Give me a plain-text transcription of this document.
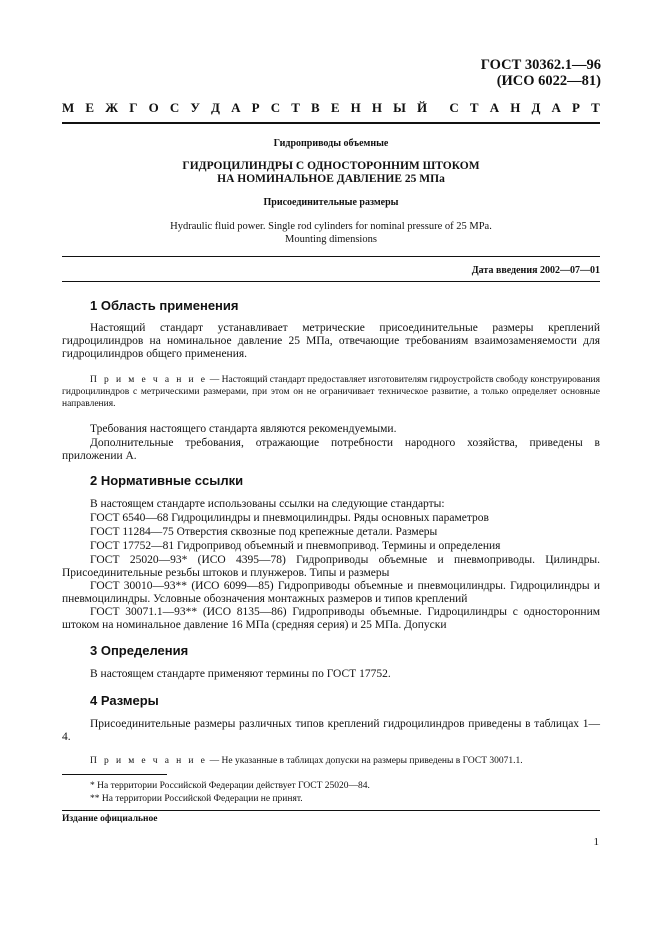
ГОСТ 30362.1—96
(ИСО 6022—81)
М Е Ж Г О С У Д А Р С Т В Е Н Н Ы Й С Т А Н Д А Р Т
Гидроприводы объемные
ГИДРОЦИЛИНДРЫ С ОДНОСТОРОННИМ ШТОКОМ
НА НОМИНАЛЬНОЕ ДАВЛЕНИЕ 25 МПа
Присоединительные размеры
Hydraulic fluid power. Single rod cylinders for nominal pressure of 25 MPa.
Mounting dimensions
Дата введения 2002—07—01
1 Область применения

Настоящий стандарт устанавливает метрические присоединительные размеры креплений гидроцилиндров на номинальное давление 25 МПа, отвечающие требованиям взаимозаменяемости для гидроцилиндров общего применения.

П р и м е ч а н и е — Настоящий стандарт предоставляет изготовителям гидроустройств свободу конструирования гидроцилиндров с метрическими размерами, при этом он не ограничивает техническое развитие, а только определяет основные направления.

Требования настоящего стандарта являются рекомендуемыми.

Дополнительные требования, отражающие потребности народного хозяйства, приведены в приложении А.

2 Нормативные ссылки

В настоящем стандарте использованы ссылки на следующие стандарты:

ГОСТ 6540—68 Гидроцилиндры и пневмоцилиндры. Ряды основных параметров

ГОСТ 11284—75 Отверстия сквозные под крепежные детали. Размеры

ГОСТ 17752—81 Гидропривод объемный и пневмопривод. Термины и определения

ГОСТ 25020—93* (ИСО 4395—78) Гидроприводы объемные и пневмоприводы. Цилиндры. Присоединительные резьбы штоков и плунжеров. Типы и размеры

ГОСТ 30010—93** (ИСО 6099—85) Гидроприводы объемные и пневмоцилиндры. Гидроцилиндры и пневмоцилиндры. Условные обозначения монтажных размеров и типов креплений

ГОСТ 30071.1—93** (ИСО 8135—86) Гидроприводы объемные. Гидроцилиндры с односторонним штоком на номинальное давление 16 МПа (средняя серия) и 25 МПа. Допуски

3 Определения

В настоящем стандарте применяют термины по ГОСТ 17752.

4 Размеры

Присоединительные размеры различных типов креплений гидроцилиндров приведены в таблицах 1—4.

П р и м е ч а н и е — Не указанные в таблицах допуски на размеры приведены в ГОСТ 30071.1.

* На территории Российской Федерации действует ГОСТ 25020—84.
** На территории Российской Федерации не принят.
Издание официальное
1
